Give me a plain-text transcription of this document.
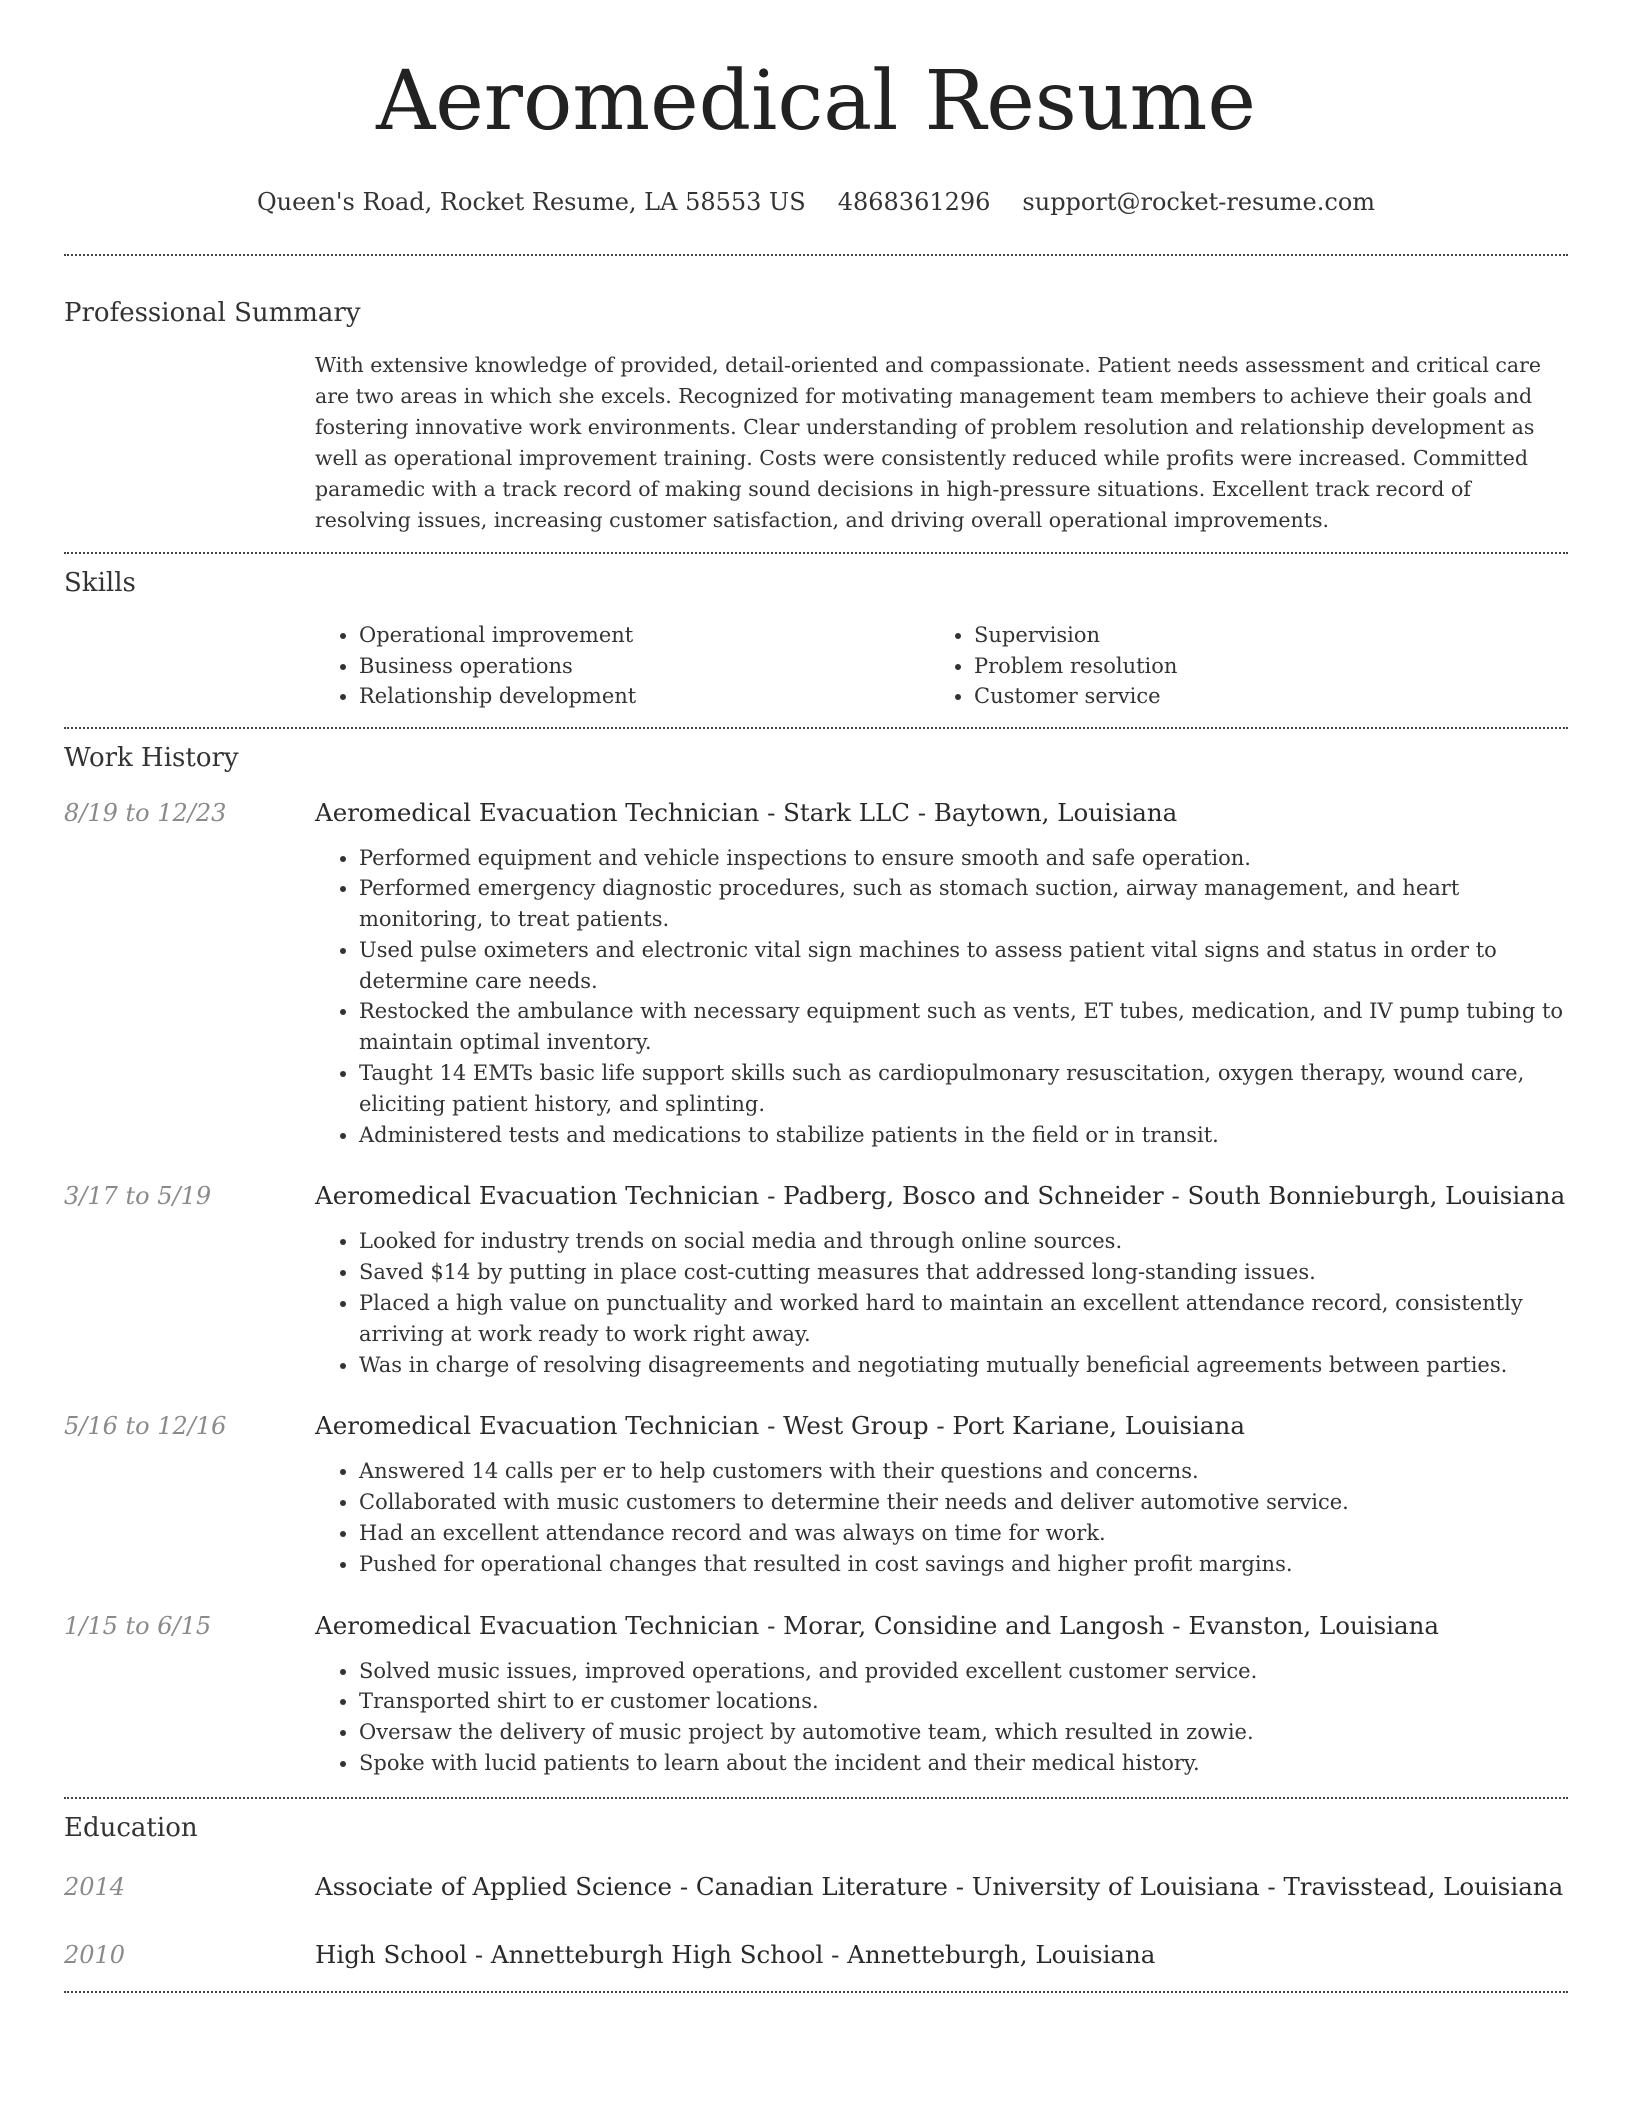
Aeromedical Resume
Queen's Road, Rocket Resume, LA 58553 US 4868361296 support@rocket-resume.com
Professional Summary

With extensive knowledge of provided, detail-oriented and compassionate. Patient needs assessment and critical care are two areas in which she excels. Recognized for motivating management team members to achieve their goals and fostering innovative work environments. Clear understanding of problem resolution and relationship development as well as operational improvement training. Costs were consistently reduced while profits were increased. Committed paramedic with a track record of making sound decisions in high-pressure situations. Excellent track record of resolving issues, increasing customer satisfaction, and driving overall operational improvements.

Skills
• Operational improvement
• Business operations
• Relationship development
• Supervision
• Problem resolution
• Customer service
Work History
8/19 to 12/23	Aeromedical Evacuation Technician - Stark LLC - Baytown, Louisiana
• Performed equipment and vehicle inspections to ensure smooth and safe operation.
• Performed emergency diagnostic procedures, such as stomach suction, airway management, and heart monitoring, to treat patients.
• Used pulse oximeters and electronic vital sign machines to assess patient vital signs and status in order to determine care needs.
• Restocked the ambulance with necessary equipment such as vents, ET tubes, medication, and IV pump tubing to maintain optimal inventory.
• Taught 14 EMTs basic life support skills such as cardiopulmonary resuscitation, oxygen therapy, wound care, eliciting patient history, and splinting.
• Administered tests and medications to stabilize patients in the field or in transit.
3/17 to 5/19	Aeromedical Evacuation Technician - Padberg, Bosco and Schneider - South Bonnieburgh, Louisiana
• Looked for industry trends on social media and through online sources.
• Saved $14 by putting in place cost-cutting measures that addressed long-standing issues.
• Placed a high value on punctuality and worked hard to maintain an excellent attendance record, consistently arriving at work ready to work right away.
• Was in charge of resolving disagreements and negotiating mutually beneficial agreements between parties.
5/16 to 12/16	Aeromedical Evacuation Technician - West Group - Port Kariane, Louisiana
• Answered 14 calls per er to help customers with their questions and concerns.
• Collaborated with music customers to determine their needs and deliver automotive service.
• Had an excellent attendance record and was always on time for work.
• Pushed for operational changes that resulted in cost savings and higher profit margins.
1/15 to 6/15	Aeromedical Evacuation Technician - Morar, Considine and Langosh - Evanston, Louisiana
• Solved music issues, improved operations, and provided excellent customer service.
• Transported shirt to er customer locations.
• Oversaw the delivery of music project by automotive team, which resulted in zowie.
• Spoke with lucid patients to learn about the incident and their medical history.
Education
2014	Associate of Applied Science - Canadian Literature - University of Louisiana - Travisstead, Louisiana
2010	High School - Annetteburgh High School - Annetteburgh, Louisiana
